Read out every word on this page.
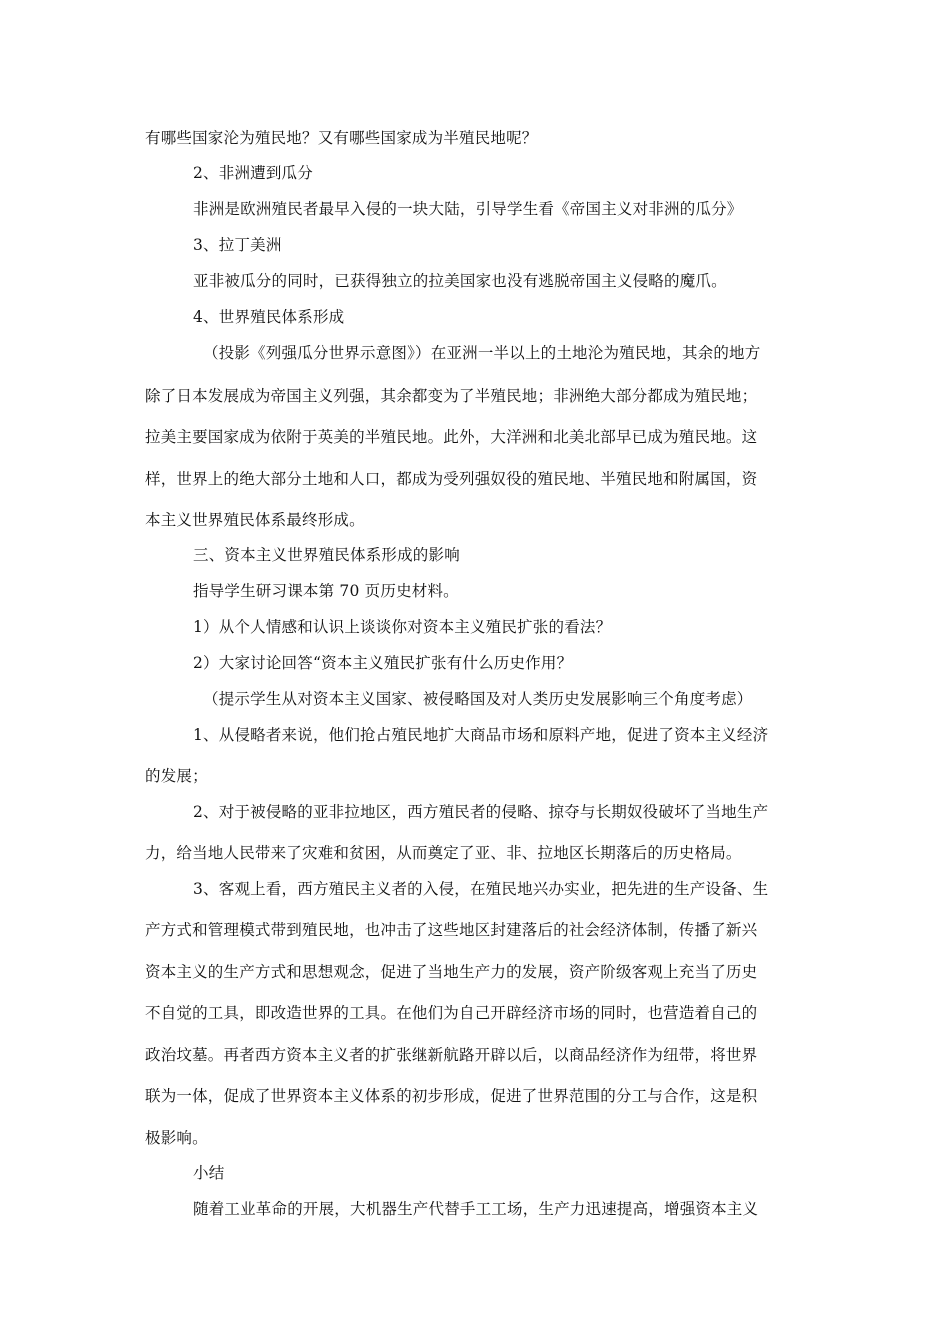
有哪些国家沦为殖民地？又有哪些国家成为半殖民地呢？
2、非洲遭到瓜分
非洲是欧洲殖民者最早入侵的一块大陆，引导学生看《帝国主义对非洲的瓜分》
3、拉丁美洲
亚非被瓜分的同时，已获得独立的拉美国家也没有逃脱帝国主义侵略的魔爪。
4、世界殖民体系形成
（投影《列强瓜分世界示意图》）在亚洲一半以上的土地沦为殖民地，其余的地方
除了日本发展成为帝国主义列强，其余都变为了半殖民地；非洲绝大部分都成为殖民地；
拉美主要国家成为依附于英美的半殖民地。此外，大洋洲和北美北部早已成为殖民地。这
样，世界上的绝大部分土地和人口，都成为受列强奴役的殖民地、半殖民地和附属国，资
本主义世界殖民体系最终形成。
三、资本主义世界殖民体系形成的影响
指导学生研习课本第 70 页历史材料。
1）从个人情感和认识上谈谈你对资本主义殖民扩张的看法？
2）大家讨论回答“资本主义殖民扩张有什么历史作用？
（提示学生从对资本主义国家、被侵略国及对人类历史发展影响三个角度考虑）
1、从侵略者来说，他们抢占殖民地扩大商品市场和原料产地，促进了资本主义经济
的发展；
2、对于被侵略的亚非拉地区，西方殖民者的侵略、掠夺与长期奴役破坏了当地生产
力，给当地人民带来了灾难和贫困，从而奠定了亚、非、拉地区长期落后的历史格局。
3、客观上看，西方殖民主义者的入侵，在殖民地兴办实业，把先进的生产设备、生
产方式和管理模式带到殖民地，也冲击了这些地区封建落后的社会经济体制，传播了新兴
资本主义的生产方式和思想观念，促进了当地生产力的发展，资产阶级客观上充当了历史
不自觉的工具，即改造世界的工具。在他们为自己开辟经济市场的同时，也营造着自己的
政治坟墓。再者西方资本主义者的扩张继新航路开辟以后，以商品经济作为纽带，将世界
联为一体，促成了世界资本主义体系的初步形成，促进了世界范围的分工与合作，这是积
极影响。
小结
随着工业革命的开展，大机器生产代替手工工场，生产力迅速提高，增强资本主义
